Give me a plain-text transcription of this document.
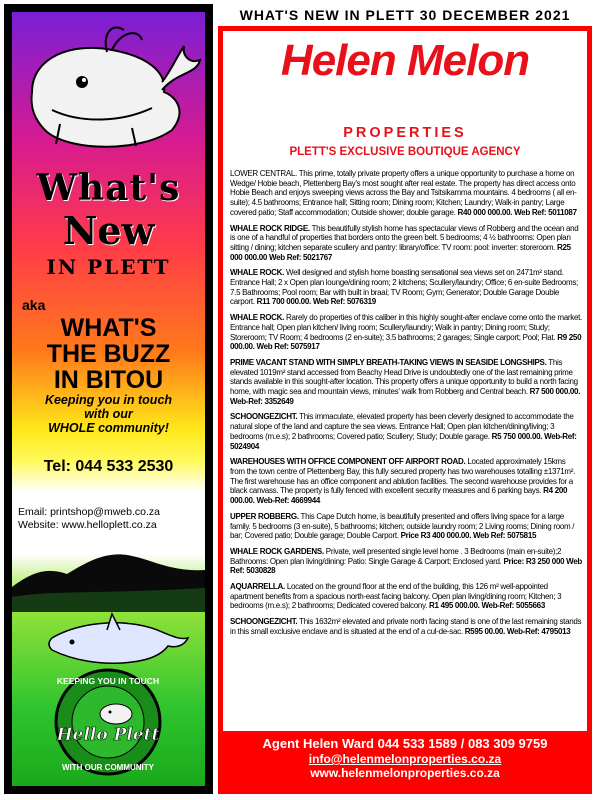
What's
New
IN PLETT
aka
WHAT'S
THE BUZZ
IN BITOU
Keeping you in touch
with our
WHOLE community!
Tel: 044 533 2530
Email: printshop@mweb.co.za
Website: www.helloplett.co.za
KEEPING YOU IN TOUCH
WITH OUR COMMUNITY
Hello Plett
WHAT'S NEW IN PLETT 30 DECEMBER 2021
Helen Melon
PROPERTIES
PLETT'S EXCLUSIVE BOUTIQUE AGENCY
LOWER CENTRAL. This prime, totally private property offers a unique opportunity to purchase a home on Wedge/ Hobie beach, Plettenberg Bay's most sought after real estate. The property has direct access onto Hobie Beach and enjoys sweeping views across the Bay and Tsitsikamma mountains. 4 bedrooms ( all en-suite); 4.5 bathrooms; Entrance hall; Sitting room; Dining room; Kitchen; Laundry; Walk-in pantry; Large covered patio; Staff accommodation; Outside shower; double garage. R40 000 000.00. Web Ref: 5011087
WHALE ROCK RIDGE. This beautifully stylish home has spectacular views of Robberg and the ocean and is one of a handful of properties that borders onto the green belt. 5 bedrooms; 4 ½ bathrooms: Open plan sitting / dining; kitchen separate scullery and pantry: library/office: TV room: pool: inverter: storeroom. R25 000 000.00 Web Ref: 5021767
WHALE ROCK. Well designed and stylish home boasting sensational sea views set on 2471m² stand. Entrance Hall; 2 x Open plan lounge/dining room; 2 kitchens; Scullery/laundry; Office; 6 en-suite Bedrooms; 7.5 Bathrooms; Pool room; Bar with built in braai; TV Room; Gym; Generator; Double Garage Double carport. R11 700 000.00. Web Ref: 5076319
WHALE ROCK. Rarely do properties of this caliber in this highly sought-after enclave come onto the market. Entrance hall; Open plan kitchen/ living room; Scullery/laundry; Walk in pantry; Dining room; Study; Storeroom; TV Room; 4 bedrooms (2 en-suite); 3.5 bathrooms; 2 garages; Single carport; Pool; Flat. R9 250 000.00. Web Ref: 5075917
PRIME VACANT STAND WITH SIMPLY BREATH-TAKING VIEWS IN SEASIDE LONGSHIPS. This elevated 1019m² stand accessed from Beachy Head Drive is undoubtedly one of the last remaining prime stands available in this sought-after location. This property offers a unique opportunity to build a north facing home, with magic sea and mountain views, minutes' walk from Robberg and Central beach. R7 500 000.00. Web-Ref: 3352649
SCHOONGEZICHT. This immaculate, elevated property has been cleverly designed to accommodate the natural slope of the land and capture the sea views. Entrance Hall; Open plan kitchen/dining/living; 3 bedrooms (m.e.s); 2 bathrooms; Covered patio; Scullery; Study; Double garage. R5 750 000.00. Web-Ref: 5024904
WAREHOUSES WITH OFFICE COMPONENT OFF AIRPORT ROAD. Located approximately 15kms from the town centre of Plettenberg Bay, this fully secured property has two warehouses totalling ±1371m². The first warehouse has an office component and ablution facilities. The second warehouse provides for a black canvass. The property is fully fenced with excellent security measures and 6 parking bays. R4 200 000.00. Web-Ref: 4669944
UPPER ROBBERG. This Cape Dutch home, is beautifully presented and offers living space for a large family. 5 bedrooms (3 en-suite), 5 bathrooms; kitchen; outside laundry room; 2 Living rooms; Dining room / bar; Covered patio; Double garage; Double Carport. Price R3 400 000.00. Web Ref: 5075815
WHALE ROCK GARDENS. Private, well presented single level home . 3 Bedrooms (main en-suite);2 Bathrooms: Open plan living/dining: Patio: Single Garage & Carport; Enclosed yard. Price: R3 250 000 Web Ref: 5030828
AQUARRELLA. Located on the ground floor at the end of the building, this 126 m² well-appointed apartment benefits from a spacious north-east facing balcony. Open plan living/dining room; Kitchen; 3 bedrooms (m.e.s); 2 bathrooms; Dedicated covered balcony. R1 495 000.00. Web-Ref: 5055663
SCHOONGEZICHT. This 1632m² elevated and private north facing stand is one of the last remaining stands in this small exclusive enclave and is situated at the end of a cul-de-sac. R595 00.00. Web-Ref: 4795013
Agent Helen Ward 044 533 1589 / 083 309 9759
info@helenmelonproperties.co.za
www.helenmelonproperties.co.za
